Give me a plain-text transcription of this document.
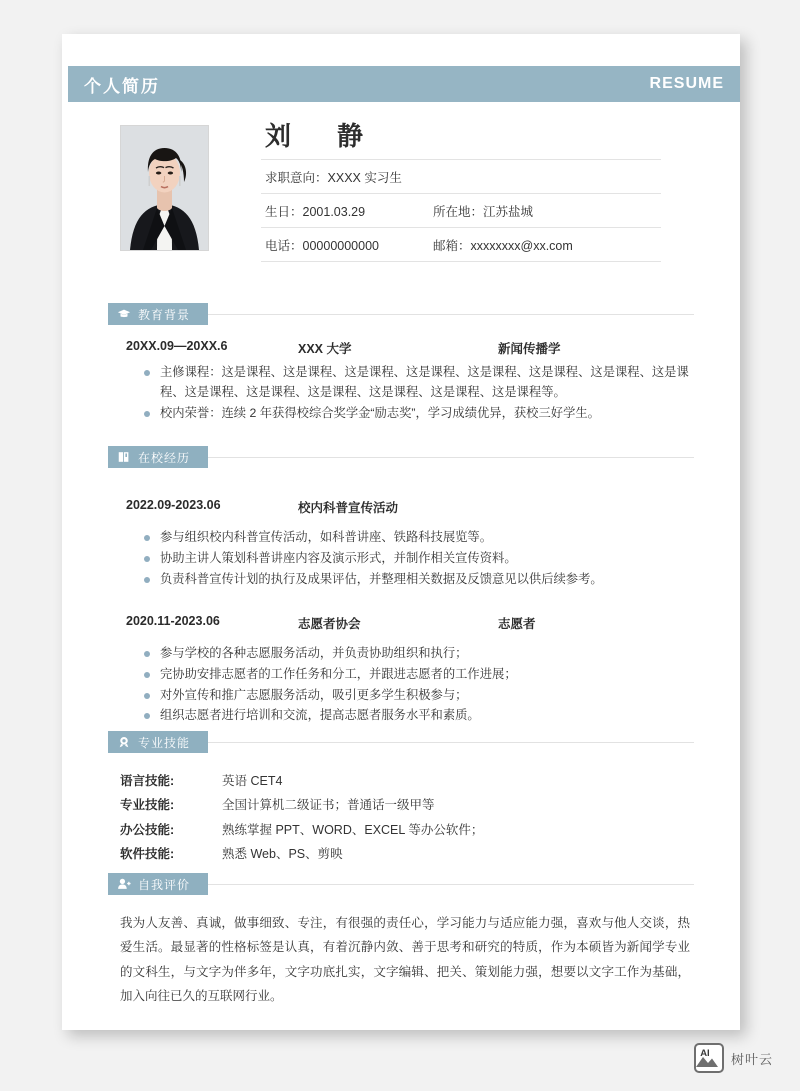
个人简历	RESUME
刘　静
求职意向：XXXX 实习生
生日：2001.03.29	所在地：江苏盐城
电话：00000000000	邮箱：xxxxxxxx@xx.com
教育背景
20XX.09—20XX.6	XXX 大学	新闻传播学
主修课程：这是课程、这是课程、这是课程、这是课程、这是课程、这是课程、这是课程、这是课程、这是课程、这是课程、这是课程、这是课程、这是课程、这是课程等。
校内荣誉：连续 2 年获得校综合奖学金“励志奖”，学习成绩优异，获校三好学生。
在校经历
2022.09-2023.06	校内科普宣传活动
参与组织校内科普宣传活动，如科普讲座、铁路科技展览等。
协助主讲人策划科普讲座内容及演示形式，并制作相关宣传资料。
负责科普宣传计划的执行及成果评估，并整理相关数据及反馈意见以供后续参考。
2020.11-2023.06	志愿者协会	志愿者
参与学校的各种志愿服务活动，并负责协助组织和执行；
完协助安排志愿者的工作任务和分工，并跟进志愿者的工作进展；
对外宣传和推广志愿服务活动，吸引更多学生积极参与；
组织志愿者进行培训和交流，提高志愿者服务水平和素质。
专业技能
语言技能:	英语 CET4
专业技能:	全国计算机二级证书；普通话一级甲等
办公技能:	熟练掌握 PPT、WORD、EXCEL 等办公软件；
软件技能:	熟悉 Web、PS、剪映
自我评价

我为人友善、真诚，做事细致、专注，有很强的责任心，学习能力与适应能力强，喜欢与他人交谈，热爱生活。最显著的性格标签是认真，有着沉静内敛、善于思考和研究的特质，作为本硕皆为新闻学专业的文科生，与文字为伴多年，文字功底扎实，文字编辑、把关、策划能力强，想要以文字工作为基础，加入向往已久的互联网行业。

AI 树叶云
